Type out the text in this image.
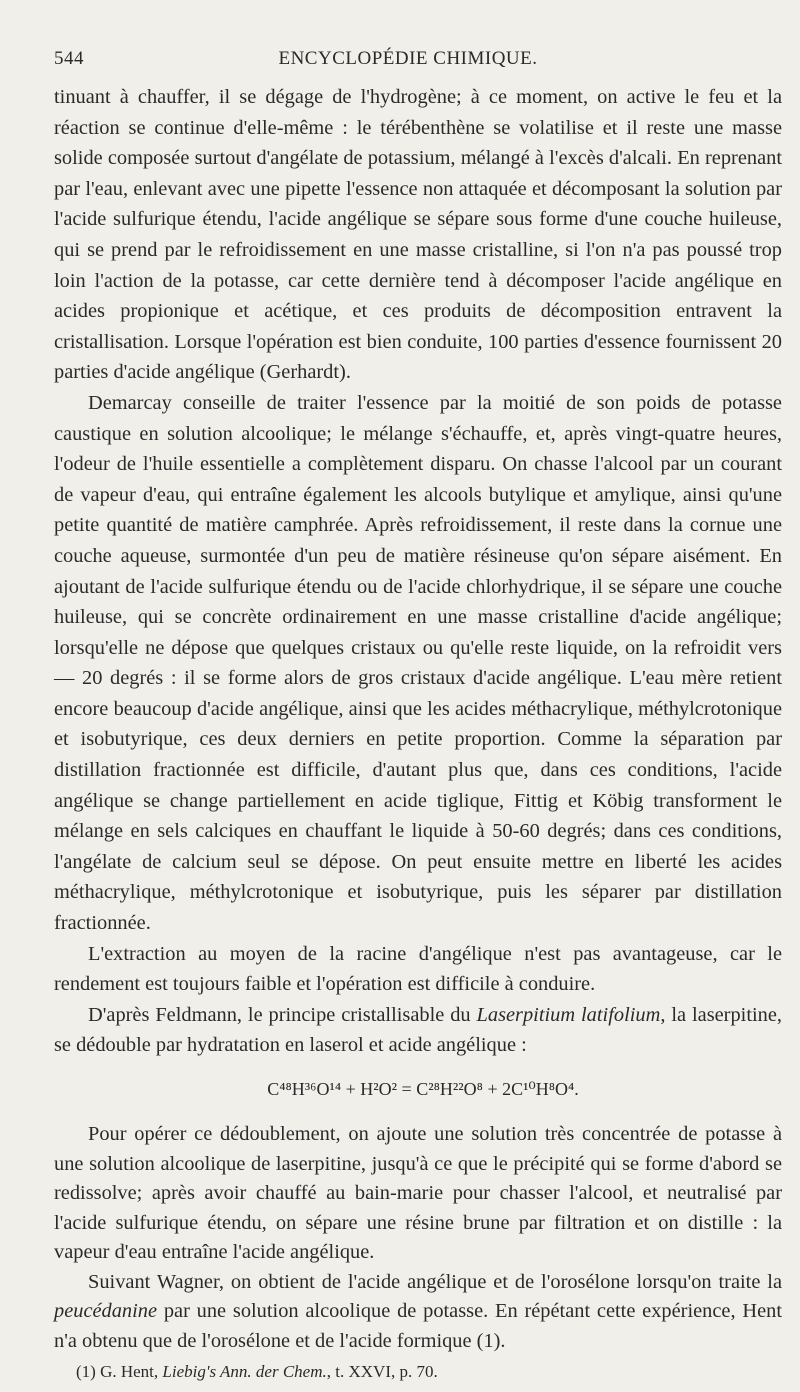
544	ENCYCLOPÉDIE CHIMIQUE.

tinuant à chauffer, il se dégage de l'hydrogène; à ce moment, on active le feu et la réaction se continue d'elle-même : le térébenthène se volatilise et il reste une masse solide composée surtout d'angélate de potassium, mélangé à l'excès d'alcali. En reprenant par l'eau, enlevant avec une pipette l'essence non attaquée et décomposant la solution par l'acide sulfurique étendu, l'acide angélique se sépare sous forme d'une couche huileuse, qui se prend par le refroidissement en une masse cristalline, si l'on n'a pas poussé trop loin l'action de la potasse, car cette dernière tend à décomposer l'acide angélique en acides propionique et acétique, et ces produits de décomposition entravent la cristallisation. Lorsque l'opération est bien conduite, 100 parties d'essence fournissent 20 parties d'acide angélique (Gerhardt).

Demarcay conseille de traiter l'essence par la moitié de son poids de potasse caustique en solution alcoolique; le mélange s'échauffe, et, après vingt-quatre heures, l'odeur de l'huile essentielle a complètement disparu. On chasse l'alcool par un courant de vapeur d'eau, qui entraîne également les alcools butylique et amylique, ainsi qu'une petite quantité de matière camphrée. Après refroidissement, il reste dans la cornue une couche aqueuse, surmontée d'un peu de matière résineuse qu'on sépare aisément. En ajoutant de l'acide sulfurique étendu ou de l'acide chlorhydrique, il se sépare une couche huileuse, qui se concrète ordinairement en une masse cristalline d'acide angélique; lorsqu'elle ne dépose que quelques cristaux ou qu'elle reste liquide, on la refroidit vers — 20 degrés : il se forme alors de gros cristaux d'acide angélique. L'eau mère retient encore beaucoup d'acide angélique, ainsi que les acides méthacrylique, méthylcrotonique et isobutyrique, ces deux derniers en petite proportion. Comme la séparation par distillation fractionnée est difficile, d'autant plus que, dans ces conditions, l'acide angélique se change partiellement en acide tiglique, Fittig et Köbig transforment le mélange en sels calciques en chauffant le liquide à 50-60 degrés; dans ces conditions, l'angélate de calcium seul se dépose. On peut ensuite mettre en liberté les acides méthacrylique, méthylcrotonique et isobutyrique, puis les séparer par distillation fractionnée.

L'extraction au moyen de la racine d'angélique n'est pas avantageuse, car le rendement est toujours faible et l'opération est difficile à conduire.

D'après Feldmann, le principe cristallisable du Laserpitium latifolium, la laserpitine, se dédouble par hydratation en laserol et acide angélique :

C⁴⁸H³⁶O¹⁴ + H²O² = C²⁸H²²O⁸ + 2C¹⁰H⁸O⁴.

Pour opérer ce dédoublement, on ajoute une solution très concentrée de potasse à une solution alcoolique de laserpitine, jusqu'à ce que le précipité qui se forme d'abord se redissolve; après avoir chauffé au bain-marie pour chasser l'alcool, et neutralisé par l'acide sulfurique étendu, on sépare une résine brune par filtration et on distille : la vapeur d'eau entraîne l'acide angélique.

Suivant Wagner, on obtient de l'acide angélique et de l'orosélone lorsqu'on traite la peucédanine par une solution alcoolique de potasse. En répétant cette expérience, Hent n'a obtenu que de l'orosélone et de l'acide formique (1).

(1) G. Hent, Liebig's Ann. der Chem., t. XXVI, p. 70.
